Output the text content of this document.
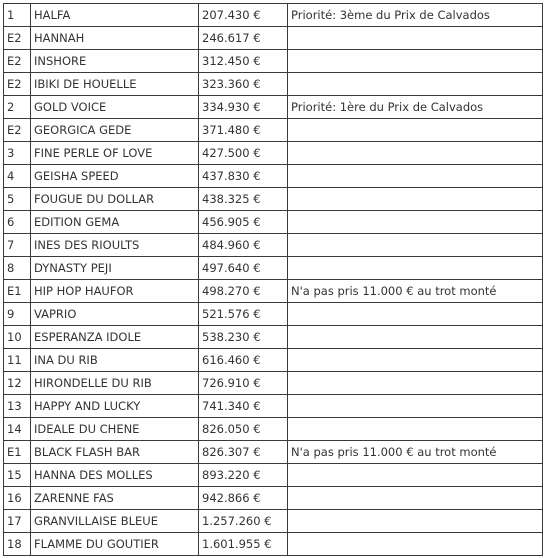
1	HALFA	207.430 €	Priorité: 3ème du Prix de Calvados
E2	HANNAH	246.617 €	
E2	INSHORE	312.450 €	
E2	IBIKI DE HOUELLE	323.360 €	
2	GOLD VOICE	334.930 €	Priorité: 1ère du Prix de Calvados
E2	GEORGICA GEDE	371.480 €	
3	FINE PERLE OF LOVE	427.500 €	
4	GEISHA SPEED	437.830 €	
5	FOUGUE DU DOLLAR	438.325 €	
6	EDITION GEMA	456.905 €	
7	INES DES RIOULTS	484.960 €	
8	DYNASTY PEJI	497.640 €	
E1	HIP HOP HAUFOR	498.270 €	N'a pas pris 11.000 € au trot monté
9	VAPRIO	521.576 €	
10	ESPERANZA IDOLE	538.230 €	
11	INA DU RIB	616.460 €	
12	HIRONDELLE DU RIB	726.910 €	
13	HAPPY AND LUCKY	741.340 €	
14	IDEALE DU CHENE	826.050 €	
E1	BLACK FLASH BAR	826.307 €	N'a pas pris 11.000 € au trot monté
15	HANNA DES MOLLES	893.220 €	
16	ZARENNE FAS	942.866 €	
17	GRANVILLAISE BLEUE	1.257.260 €	
18	FLAMME DU GOUTIER	1.601.955 €	
